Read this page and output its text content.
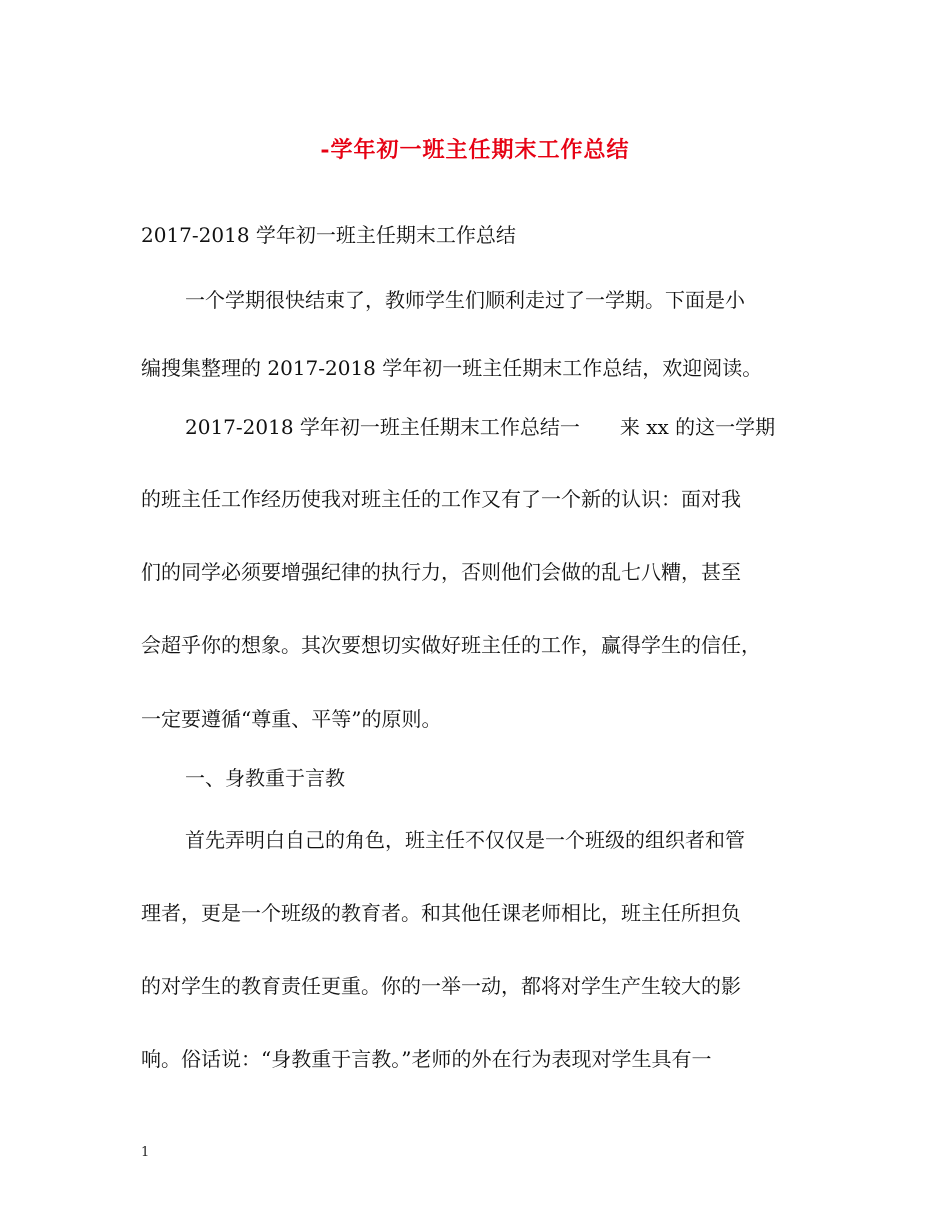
-学年初一班主任期末工作总结
2017-2018 学年初一班主任期末工作总结
一个学期很快结束了，教师学生们顺利走过了一学期。下面是小
编搜集整理的 2017-2018 学年初一班主任期末工作总结，欢迎阅读。
2017-2018 学年初一班主任期末工作总结一　　来 xx 的这一学期
的班主任工作经历使我对班主任的工作又有了一个新的认识：面对我
们的同学必须要增强纪律的执行力，否则他们会做的乱七八糟，甚至
会超乎你的想象。其次要想切实做好班主任的工作，赢得学生的信任，
一定要遵循“尊重、平等”的原则。
一、身教重于言教
首先弄明白自己的角色，班主任不仅仅是一个班级的组织者和管
理者，更是一个班级的教育者。和其他任课老师相比，班主任所担负
的对学生的教育责任更重。你的一举一动，都将对学生产生较大的影
响。俗话说：“身教重于言教。”老师的外在行为表现对学生具有一
1
